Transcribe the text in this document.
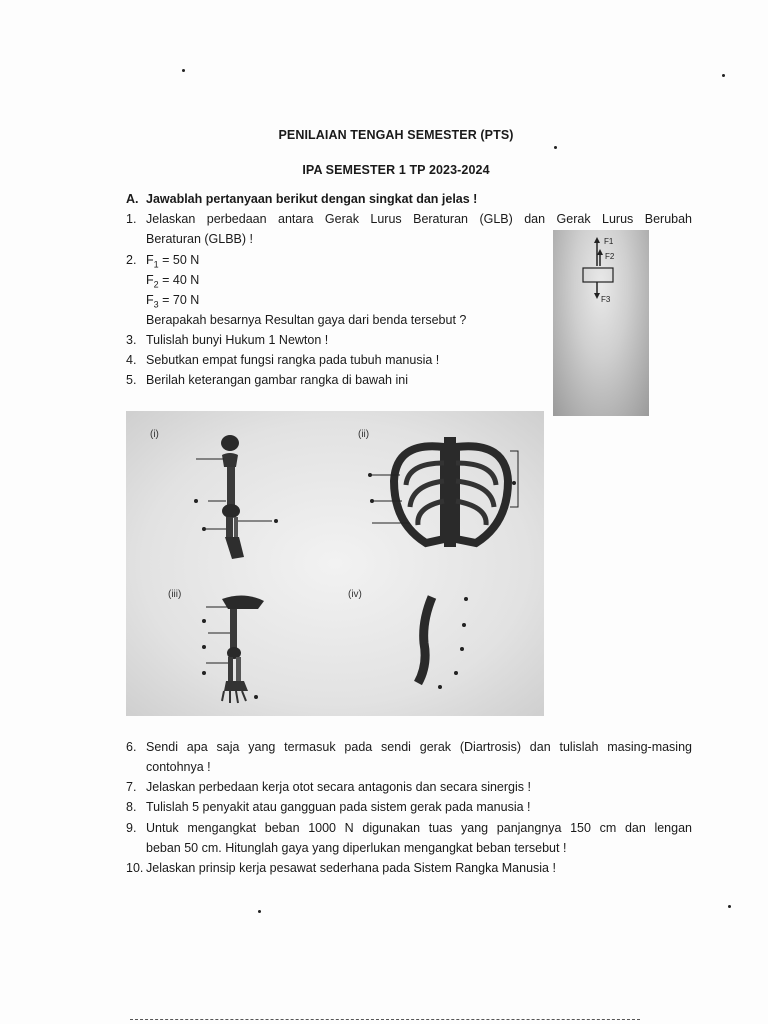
PENILAIAN TENGAH SEMESTER (PTS)
IPA SEMESTER 1 TP 2023-2024
A. Jawablah pertanyaan berikut dengan singkat dan jelas !
1. Jelaskan perbedaan antara Gerak Lurus Beraturan (GLB) dan Gerak Lurus Berubah
Beraturan (GLBB) !
2. $F_1 = 50$ N
$F_2 = 40$ N
$F_3 = 70$ N
Berapakah besarnya Resultan gaya dari benda tersebut ?
3. Tulislah bunyi Hukum 1 Newton !
4. Sebutkan empat fungsi rangka pada tubuh manusia !
5. Berilah keterangan gambar rangka di bawah ini
F1
F2
F3
(i)	(ii)
(iii)	(iv)
6. Sendi apa saja yang termasuk pada sendi gerak (Diartrosis) dan tulislah masing-masing
contohnya !
7. Jelaskan perbedaan kerja otot secara antagonis dan secara sinergis !
8. Tulislah 5 penyakit atau gangguan pada sistem gerak pada manusia !
9. Untuk mengangkat beban 1000 N digunakan tuas yang panjangnya 150 cm dan lengan
beban 50 cm. Hitunglah gaya yang diperlukan mengangkat beban tersebut !
10. Jelaskan prinsip kerja pesawat sederhana pada Sistem Rangka Manusia !
